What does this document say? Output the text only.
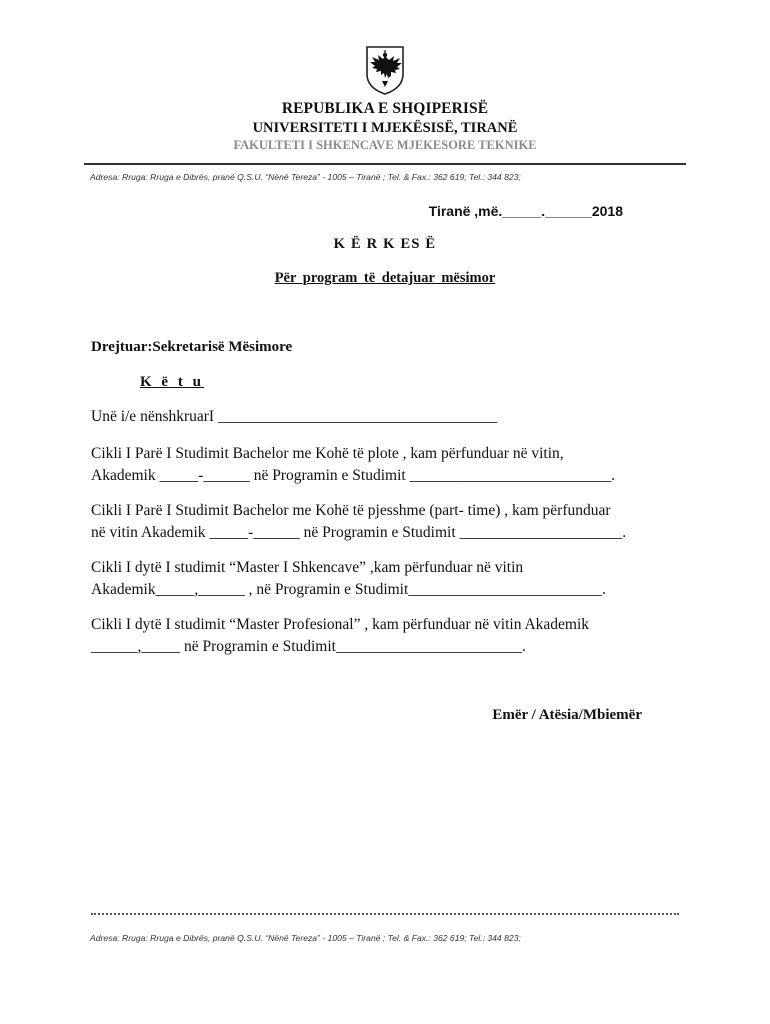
★
REPUBLIKA E SHQIPERISË
UNIVERSITETI I MJEKËSISË, TIRANË
FAKULTETI I SHKENCAVE MJEKESORE TEKNIKE
Adresa: Rruga: Rruga e Dibrës, pranë Q.S.U. “Nënë Tereza” - 1005 – Tiranë ; Tel. & Fax.: 362 619; Tel.: 344 823;
Tiranë ,më._____.______2018
K Ë R K ES Ë
Për program të detajuar mësimor
Drejtuar:Sekretarisë Mësimore
K ë t u
Unë i/e nënshkruarI ____________________________________
Cikli I Parë I Studimit Bachelor me Kohë të plote , kam përfunduar në vitin,
Akademik _____-______ në Programin e Studimit __________________________.
Cikli I Parë I Studimit Bachelor me Kohë të pjesshme (part- time) , kam përfunduar
në vitin Akademik _____-______ në Programin e Studimit _____________________.
Cikli I dytë I studimit “Master I Shkencave” ,kam përfunduar në vitin
Akademik_____,______ , në Programin e Studimit_________________________.
Cikli I dytë I studimit “Master Profesional” , kam përfunduar në vitin Akademik
______,_____ në Programin e Studimit________________________.
Emër / Atësia/Mbiemër
Adresa: Rruga: Rruga e Dibrës, pranë Q.S.U. “Nënë Tereza” - 1005 – Tiranë ; Tel. & Fax.: 362 619; Tel.: 344 823;
